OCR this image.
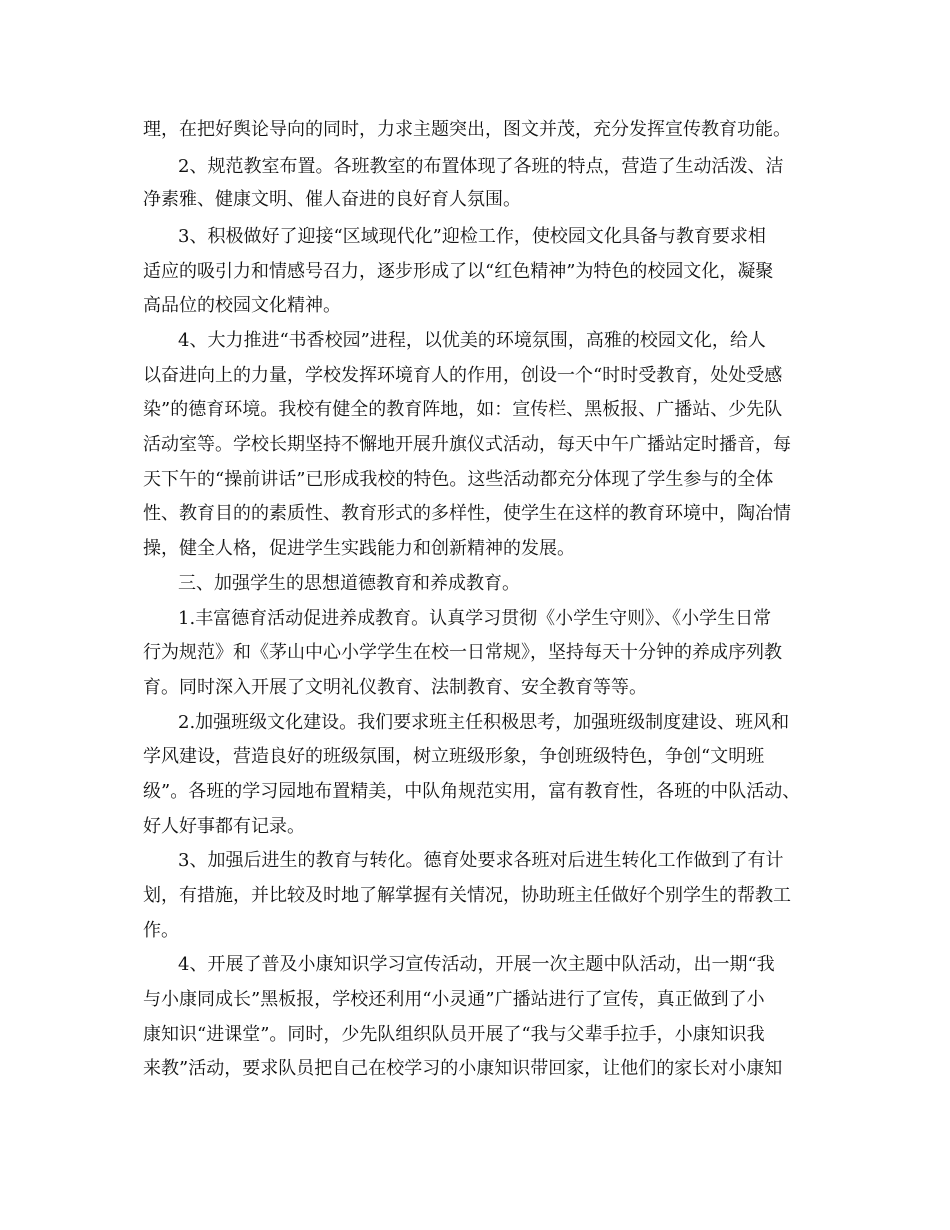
理，在把好舆论导向的同时，力求主题突出，图文并茂，充分发挥宣传教育功能。
2、规范教室布置。各班教室的布置体现了各班的特点，营造了生动活泼、洁
净素雅、健康文明、催人奋进的良好育人氛围。
3、积极做好了迎接“区域现代化”迎检工作，使校园文化具备与教育要求相
适应的吸引力和情感号召力，逐步形成了以“红色精神”为特色的校园文化，凝聚
高品位的校园文化精神。
4、大力推进“书香校园”进程，以优美的环境氛围，高雅的校园文化，给人
以奋进向上的力量，学校发挥环境育人的作用，创设一个“时时受教育，处处受感
染”的德育环境。我校有健全的教育阵地，如：宣传栏、黑板报、广播站、少先队
活动室等。学校长期坚持不懈地开展升旗仪式活动，每天中午广播站定时播音，每
天下午的“操前讲话”已形成我校的特色。这些活动都充分体现了学生参与的全体
性、教育目的的素质性、教育形式的多样性，使学生在这样的教育环境中，陶冶情
操，健全人格，促进学生实践能力和创新精神的发展。
三、加强学生的思想道德教育和养成教育。
1.丰富德育活动促进养成教育。认真学习贯彻《小学生守则》、《小学生日常
行为规范》和《茅山中心小学学生在校一日常规》，坚持每天十分钟的养成序列教
育。同时深入开展了文明礼仪教育、法制教育、安全教育等等。
2.加强班级文化建设。我们要求班主任积极思考，加强班级制度建设、班风和
学风建设，营造良好的班级氛围，树立班级形象，争创班级特色，争创“文明班
级”。各班的学习园地布置精美，中队角规范实用，富有教育性，各班的中队活动、
好人好事都有记录。
3、加强后进生的教育与转化。德育处要求各班对后进生转化工作做到了有计
划，有措施，并比较及时地了解掌握有关情况，协助班主任做好个别学生的帮教工
作。
4、开展了普及小康知识学习宣传活动，开展一次主题中队活动，出一期“我
与小康同成长”黑板报，学校还利用“小灵通”广播站进行了宣传，真正做到了小
康知识“进课堂”。同时，少先队组织队员开展了“我与父辈手拉手，小康知识我
来教”活动，要求队员把自己在校学习的小康知识带回家，让他们的家长对小康知
